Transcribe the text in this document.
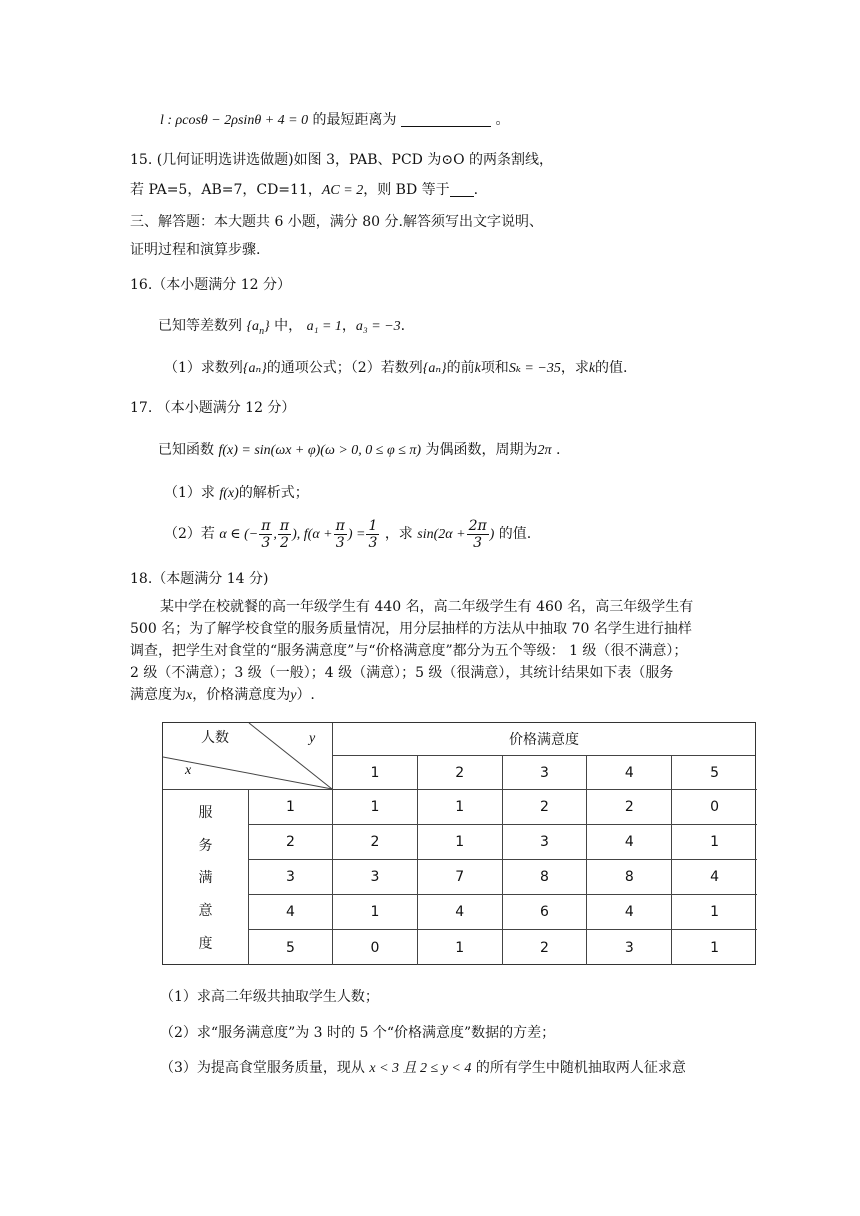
l : ρcosθ − 2ρsinθ + 4 = 0 的最短距离为	。
15. (几何证明选讲选做题)如图 3，PAB、PCD 为⊙O 的两条割线，
若 PA=5，AB=7，CD=11，AC = 2，则 BD 等于 .
三、解答题：本大题共 6 小题，满分 80 分.解答须写出文字说明、
证明过程和演算步骤.
16.（本小题满分 12 分）
已知等差数列 $\{a_n\}$ 中， a₁ = 1，a₃ = −3.
（1）求数列{aₙ}的通项公式；（2）若数列{aₙ}的前k项和Sₖ = −35，求k的值.
17. （本小题满分 12 分）
已知函数 f(x) = sin(ωx + φ)(ω > 0, 0 ≤ φ ≤ π) 为偶函数，周期为2π .
（1）求 f(x)的解析式；
（2）若 α ∈ (− $\frac{\pi}{3}$ , $\frac{\pi}{2}$ ), $f(\alpha + \frac{\pi}{3}$ ) = $\frac{1}{3}$ ，求 $\sin(2\alpha + \frac{2\pi}{3}$ ) 的值.
18.（本题满分 14 分)
某中学在校就餐的高一年级学生有 440 名，高二年级学生有 460 名，高三年级学生有
500 名；为了解学校食堂的服务质量情况，用分层抽样的方法从中抽取 70 名学生进行抽样
调查，把学生对食堂的“服务满意度”与“价格满意度”都分为五个等级： 1 级（很不满意）；
2 级（不满意）；3 级（一般）；4 级（满意）；5 级（很满意），其统计结果如下表（服务
满意度为x，价格满意度为y）.
人数	y
x
价格满意度
1	2	3	4	5
服
务
满
意
度
1	1	1	2	2	0
2	2	1	3	4	1
3	3	7	8	8	4
4	1	4	6	4	1
5	0	1	2	3	1
（1）求高二年级共抽取学生人数；
（2）求“服务满意度”为 3 时的 5 个“价格满意度”数据的方差；
（3）为提高食堂服务质量，现从 x < 3 且 2 ≤ y < 4 的所有学生中随机抽取两人征求意
